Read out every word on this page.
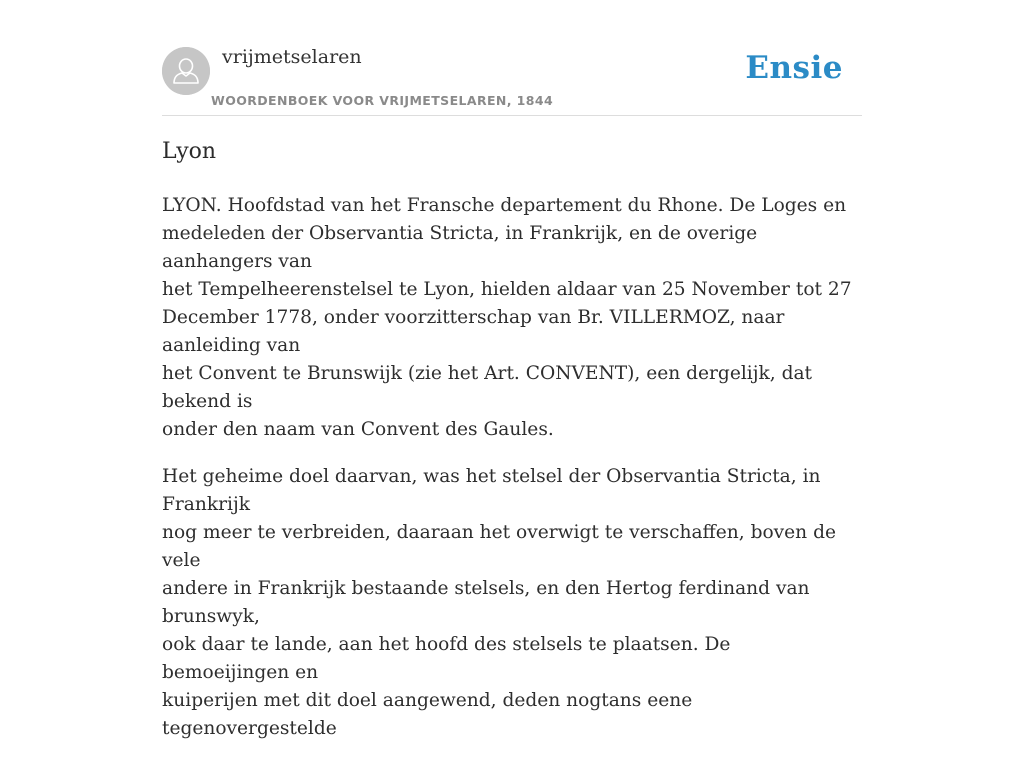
vrijmetselaren
WOORDENBOEK VOOR VRIJMETSELAREN, 1844
Ensie
Lyon

LYON. Hoofdstad van het Fransche departement du Rhone. De Loges en
medeleden der Observantia Stricta, in Frankrijk, en de overige aanhangers van
het Tempelheerenstelsel te Lyon, hielden aldaar van 25 November tot 27
December 1778, onder voorzitterschap van Br. VILLERMOZ, naar aanleiding van
het Convent te Brunswijk (zie het Art. CONVENT), een dergelijk, dat bekend is
onder den naam van Convent des Gaules.

Het geheime doel daarvan, was het stelsel der Observantia Stricta, in Frankrijk
nog meer te verbreiden, daaraan het overwigt te verschaffen, boven de vele
andere in Frankrijk bestaande stelsels, en den Hertog ferdinand van brunswyk,
ook daar te lande, aan het hoofd des stelsels te plaatsen. De bemoeijingen en
kuiperijen met dit doel aangewend, deden nogtans eene tegenovergestelde
